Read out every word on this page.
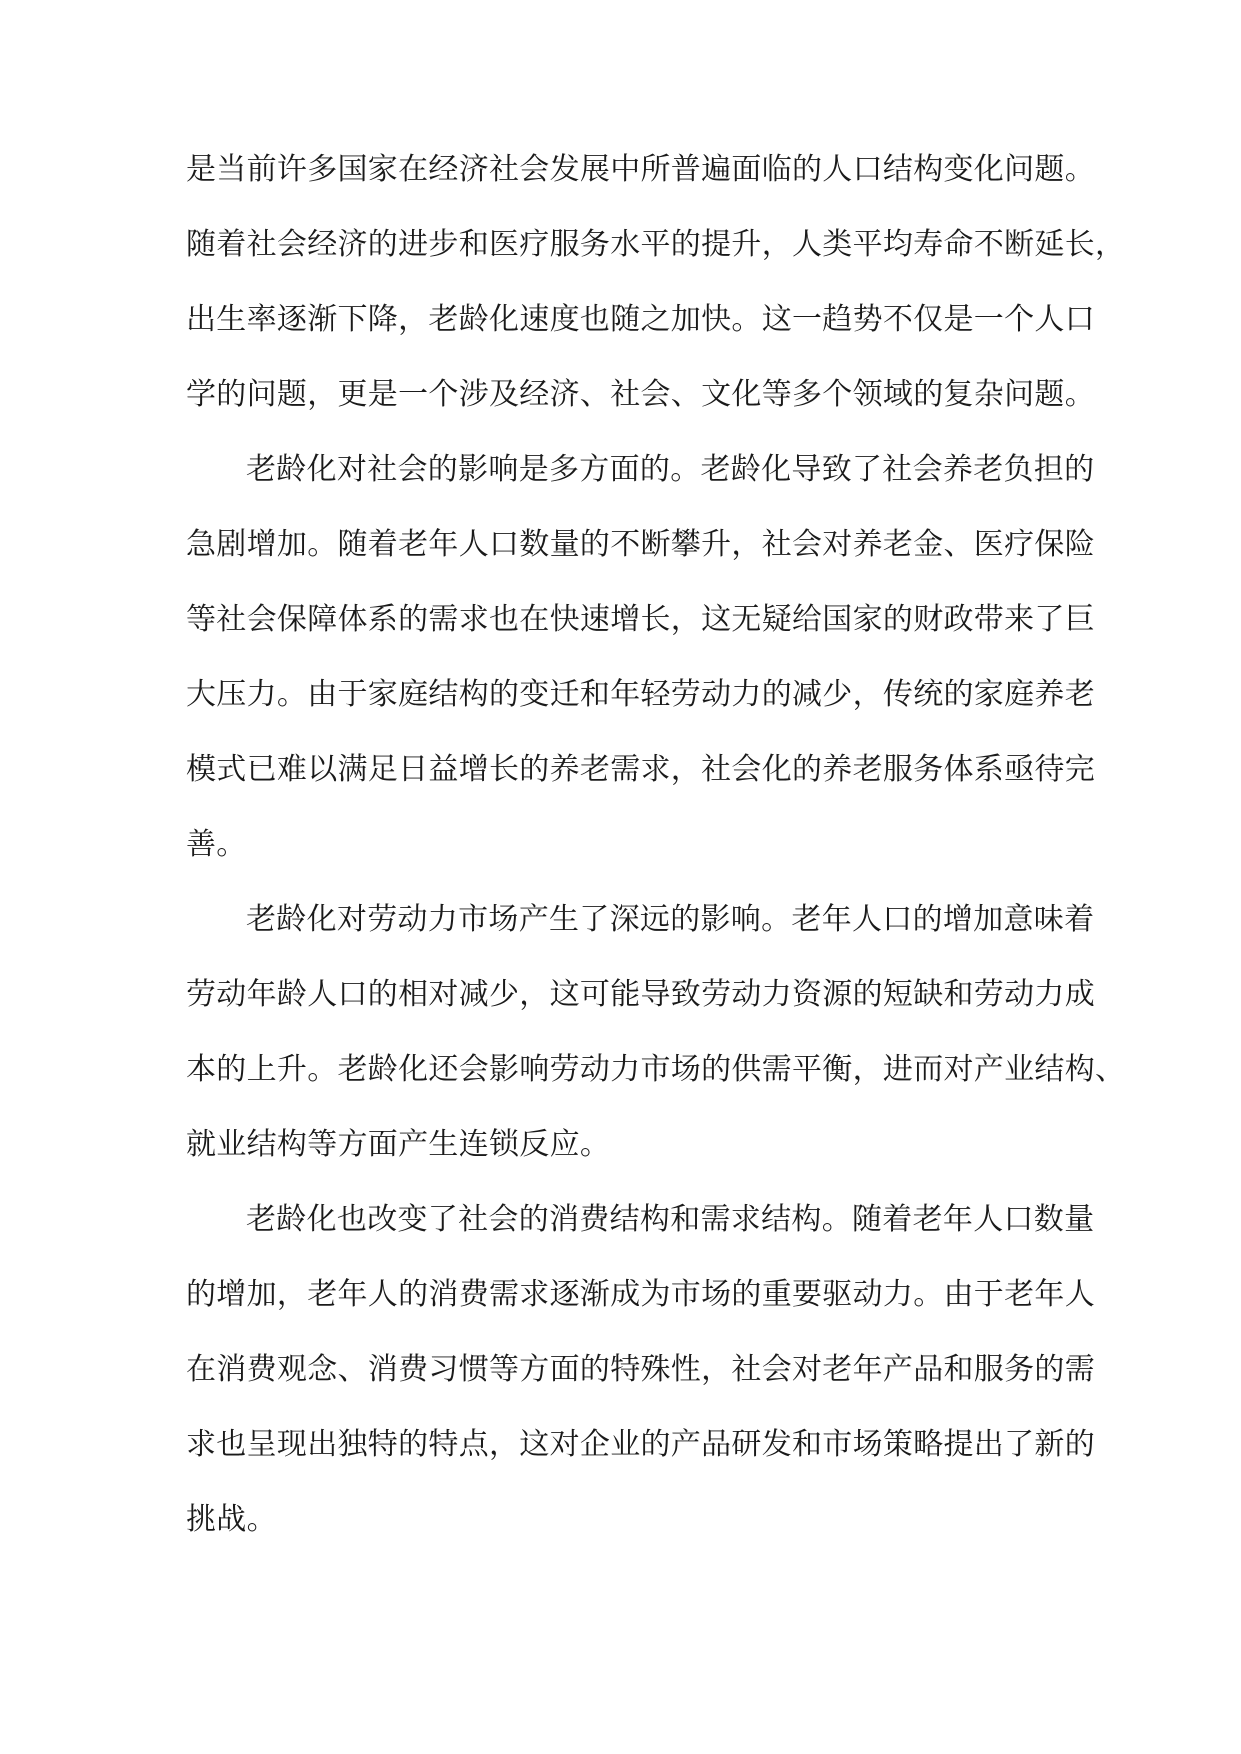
是当前许多国家在经济社会发展中所普遍面临的人口结构变化问题。
随着社会经济的进步和医疗服务水平的提升，人类平均寿命不断延长，
出生率逐渐下降，老龄化速度也随之加快。这一趋势不仅是一个人口
学的问题，更是一个涉及经济、社会、文化等多个领域的复杂问题。
老龄化对社会的影响是多方面的。老龄化导致了社会养老负担的
急剧增加。随着老年人口数量的不断攀升，社会对养老金、医疗保险
等社会保障体系的需求也在快速增长，这无疑给国家的财政带来了巨
大压力。由于家庭结构的变迁和年轻劳动力的减少，传统的家庭养老
模式已难以满足日益增长的养老需求，社会化的养老服务体系亟待完
善。
老龄化对劳动力市场产生了深远的影响。老年人口的增加意味着
劳动年龄人口的相对减少，这可能导致劳动力资源的短缺和劳动力成
本的上升。老龄化还会影响劳动力市场的供需平衡，进而对产业结构、
就业结构等方面产生连锁反应。
老龄化也改变了社会的消费结构和需求结构。随着老年人口数量
的增加，老年人的消费需求逐渐成为市场的重要驱动力。由于老年人
在消费观念、消费习惯等方面的特殊性，社会对老年产品和服务的需
求也呈现出独特的特点，这对企业的产品研发和市场策略提出了新的
挑战。
